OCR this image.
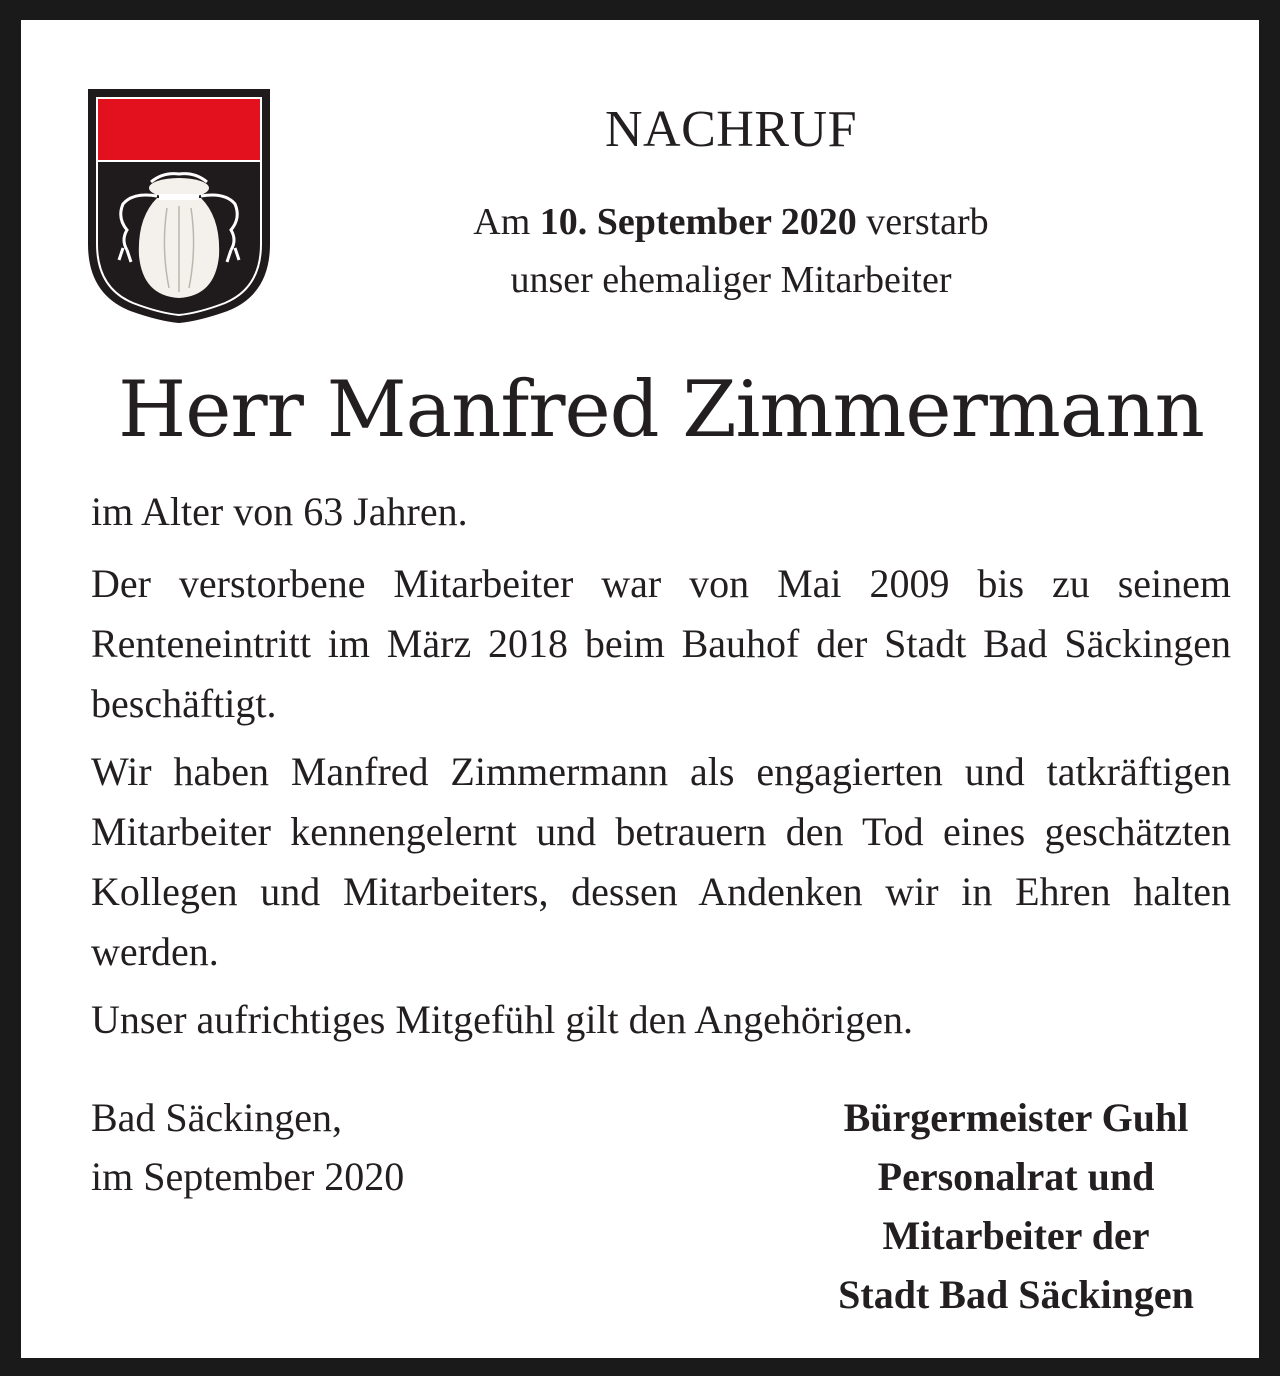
NACHRUF
Am 10. September 2020 verstarb
unser ehemaliger Mitarbeiter
Herr Manfred Zimmermann
im Alter von 63 Jahren.
Der verstorbene Mitarbeiter war von Mai 2009 bis zu seinem Renteneintritt im März 2018 beim Bauhof der Stadt Bad Säckingen beschäftigt.
Wir haben Manfred Zimmermann als engagierten und tatkräftigen Mitarbeiter kennengelernt und betrauern den Tod eines geschätzten Kollegen und Mitarbeiters, dessen Andenken wir in Ehren halten werden.
Unser aufrichtiges Mitgefühl gilt den Angehörigen.
Bad Säckingen,
im September 2020
Bürgermeister Guhl
Personalrat und
Mitarbeiter der
Stadt Bad Säckingen
